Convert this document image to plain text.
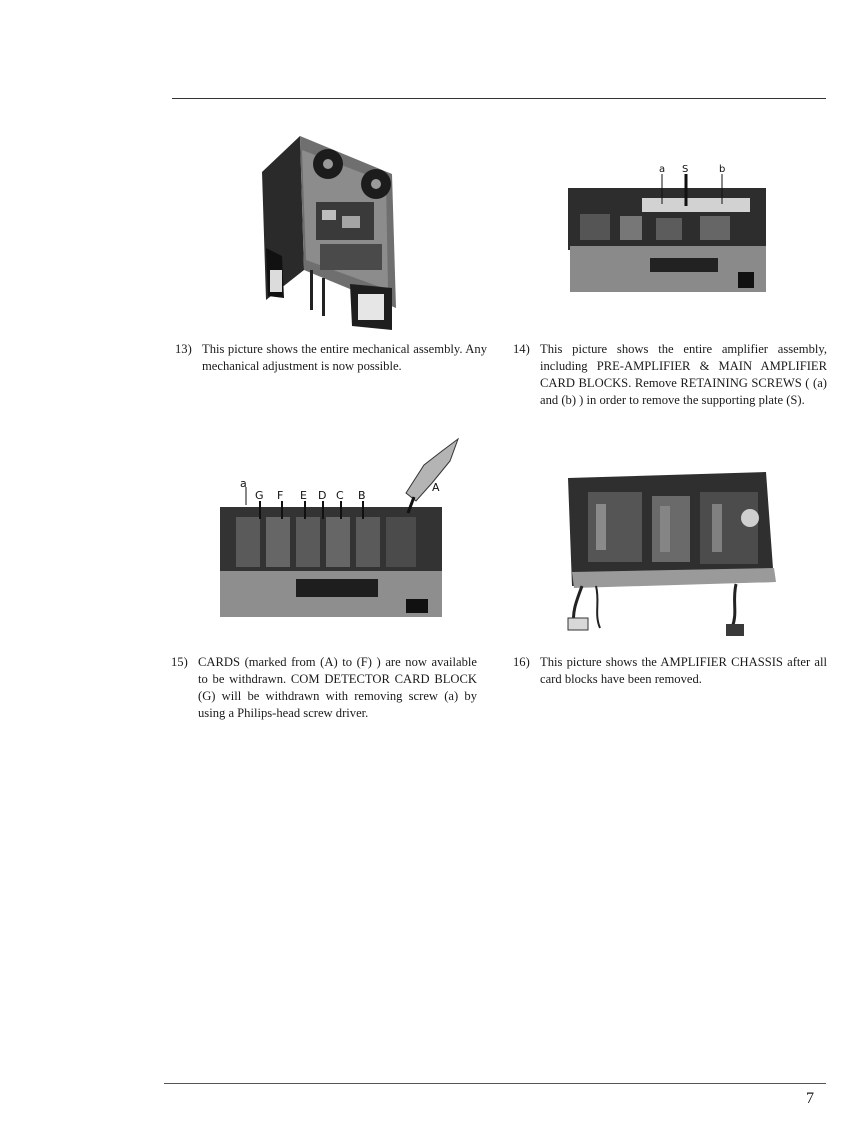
13) This picture shows the entire mechanical assembly. Any mechanical adjustment is now possible.
a S	b
14) This picture shows the entire amplifier assembly, including PRE-AMPLIFIER & MAIN AMPLIFIER CARD BLOCKS. Remove RETAINING SCREWS ( (a) and (b) ) in order to remove the supporting plate (S).
a
G F E D C B
A
15) CARDS (marked from (A) to (F) ) are now available to be withdrawn. COM DETECTOR CARD BLOCK (G) will be withdrawn with removing screw (a) by using a Philips-head screw driver.
16) This picture shows the AMPLIFIER CHASSIS after all card blocks have been removed.
7
